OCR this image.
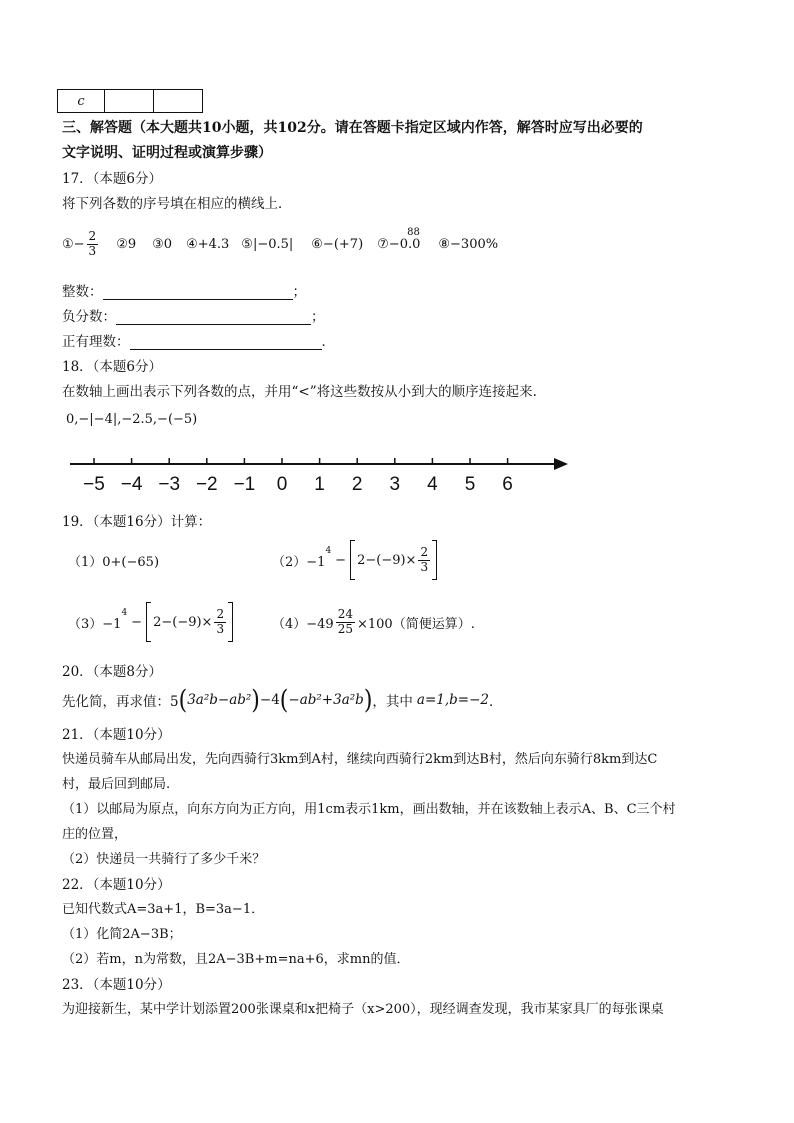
c		
三、解答题（本大题共10小题，共102分。请在答题卡指定区域内作答，解答时应写出必要的
文字说明、证明过程或演算步骤）
17．（本题6分）
将下列各数的序号填在相应的横线上．
①− $\frac{2}{3}$ ②9 ③0 ④+4.3 ⑤|−0.5| ⑥−(+7) ⑦−0.0
88
⑧−300%
整数：	；
负分数：	；
正有理数：	．
18．（本题6分）
在数轴上画出表示下列各数的点，并用“<”将这些数按从小到大的顺序连接起来.
0,−|−4|,−2.5,−(−5)
−5 −4 −3 −2 −1 0 1 2 3 4 5 6
19．（本题16分）计算：
（1）0+(−65)	（2）−1
$^4$
− $2-(-9)\times \frac{2}{3}$
（3）−1
$^4$
− $2-(-9)\times \frac{2}{3}$	$(4)-49 \frac{24}{25} \times 100$（简便运算）.
20．（本题8分）
先化简，再求值：5 ( 3a²b−ab² ) −4 ( −ab²+3a²b ) ，其中 a=1,b=−2 ．
21．（本题10分）
快递员骑车从邮局出发，先向西骑行3km到A村，继续向西骑行2km到达B村，然后向东骑行8km到达C
村，最后回到邮局.
（1）以邮局为原点，向东方向为正方向，用1cm表示1km，画出数轴，并在该数轴上表示A、B、C三个村
庄的位置，
（2）快递员一共骑行了多少千米？
22．（本题10分）
已知代数式A=3a+1，B=3a−1．
（1）化简2A−3B；
（2）若m，n为常数，且2A−3B+m=na+6，求mn的值．
23．（本题10分）
为迎接新生，某中学计划添置200张课桌和x把椅子（x>200），现经调查发现，我市某家具厂的每张课桌
